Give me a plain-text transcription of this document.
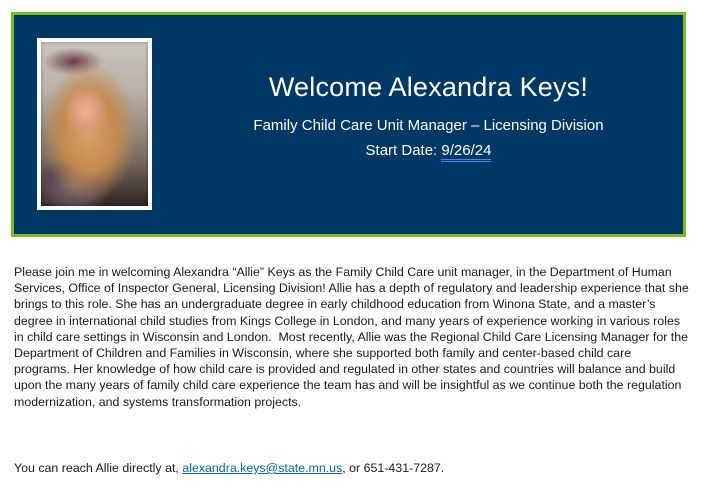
Welcome Alexandra Keys!
Family Child Care Unit Manager – Licensing Division
Start Date: 9/26/24

Please join me in welcoming Alexandra “Allie” Keys as the Family Child Care unit manager, in the Department of Human Services, Office of Inspector General, Licensing Division! Allie has a depth of regulatory and leadership experience that she brings to this role. She has an undergraduate degree in early childhood education from Winona State, and a master’s degree in international child studies from Kings College in London, and many years of experience working in various roles in child care settings in Wisconsin and London.  Most recently, Allie was the Regional Child Care Licensing Manager for the Department of Children and Families in Wisconsin, where she supported both family and center-based child care programs. Her knowledge of how child care is provided and regulated in other states and countries will balance and build upon the many years of family child care experience the team has and will be insightful as we continue both the regulation modernization, and systems transformation projects.

You can reach Allie directly at, alexandra.keys@state.mn.us, or 651-431-7287.
